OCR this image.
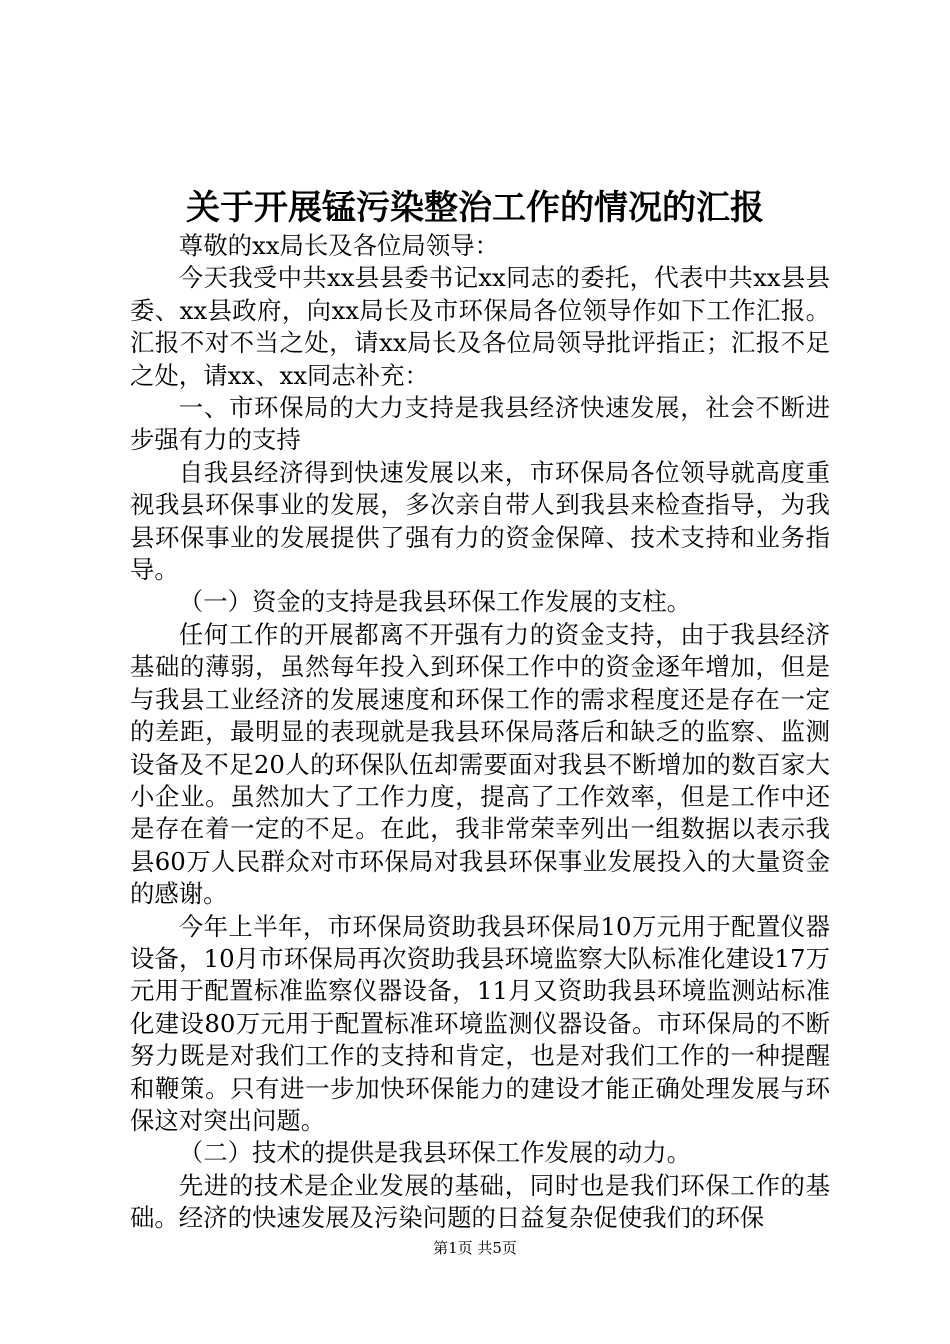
关于开展锰污染整治工作的情况的汇报

尊敬的xx局长及各位局领导：

今天我受中共xx县县委书记xx同志的委托，代表中共xx县县委、xx县政府，向xx局长及市环保局各位领导作如下工作汇报。汇报不对不当之处，请xx局长及各位局领导批评指正；汇报不足之处，请xx、xx同志补充：

一、市环保局的大力支持是我县经济快速发展，社会不断进步强有力的支持

自我县经济得到快速发展以来，市环保局各位领导就高度重视我县环保事业的发展，多次亲自带人到我县来检查指导，为我县环保事业的发展提供了强有力的资金保障、技术支持和业务指导。

（一）资金的支持是我县环保工作发展的支柱。

任何工作的开展都离不开强有力的资金支持，由于我县经济基础的薄弱，虽然每年投入到环保工作中的资金逐年增加，但是与我县工业经济的发展速度和环保工作的需求程度还是存在一定的差距，最明显的表现就是我县环保局落后和缺乏的监察、监测设备及不足20人的环保队伍却需要面对我县不断增加的数百家大小企业。虽然加大了工作力度，提高了工作效率，但是工作中还是存在着一定的不足。在此，我非常荣幸列出一组数据以表示我县60万人民群众对市环保局对我县环保事业发展投入的大量资金的感谢。

今年上半年，市环保局资助我县环保局10万元用于配置仪器设备，10月市环保局再次资助我县环境监察大队标准化建设17万元用于配置标准监察仪器设备，11月又资助我县环境监测站标准化建设80万元用于配置标准环境监测仪器设备。市环保局的不断努力既是对我们工作的支持和肯定，也是对我们工作的一种提醒和鞭策。只有进一步加快环保能力的建设才能正确处理发展与环保这对突出问题。

（二）技术的提供是我县环保工作发展的动力。

先进的技术是企业发展的基础，同时也是我们环保工作的基础。经济的快速发展及污染问题的日益复杂促使我们的环保

第1页 共5页
